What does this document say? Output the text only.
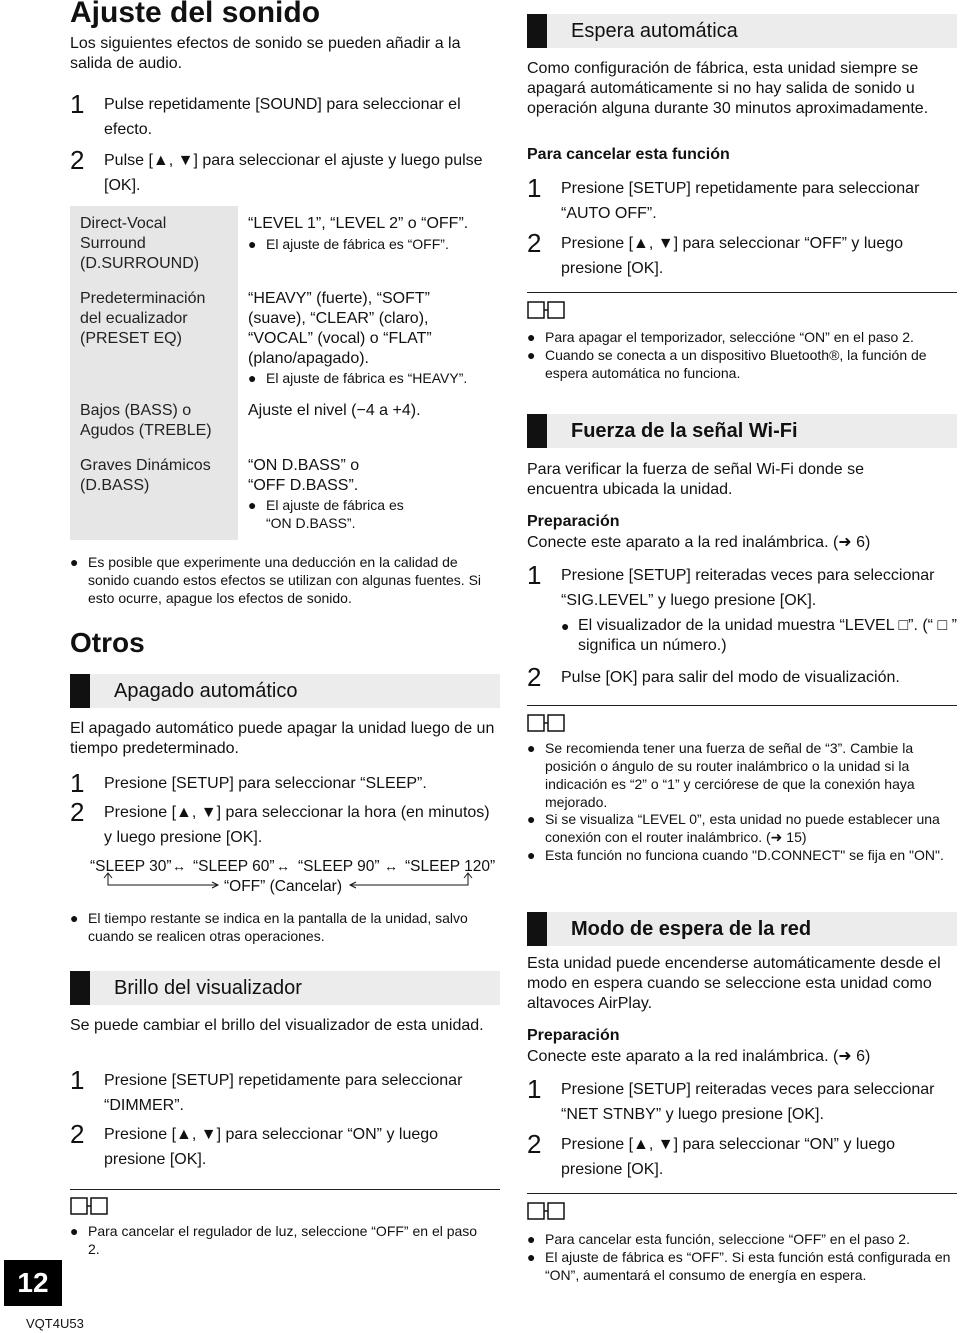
Ajuste del sonido
Los siguientes efectos de sonido se pueden añadir a la salida de audio.
1 Pulse repetidamente [SOUND] para seleccionar el efecto.
2 Pulse [▲, ▼] para seleccionar el ajuste y luego pulse [OK].
Direct-Vocal Surround (D.SURROUND)
“LEVEL 1”, “LEVEL 2” o “OFF”.
● El ajuste de fábrica es “OFF”.
Predeterminación del ecualizador (PRESET EQ)
“HEAVY” (fuerte), “SOFT” (suave), “CLEAR” (claro), “VOCAL” (vocal) o “FLAT” (plano/apagado).
● El ajuste de fábrica es “HEAVY”.
Bajos (BASS) o Agudos (TREBLE)
Ajuste el nivel (−4 a +4).
Graves Dinámicos (D.BASS)
“ON D.BASS” o “OFF D.BASS”.
● El ajuste de fábrica es “ON D.BASS”.
● Es posible que experimente una deducción en la calidad de sonido cuando estos efectos se utilizan con algunas fuentes. Si esto ocurre, apague los efectos de sonido.
Otros
Apagado automático
El apagado automático puede apagar la unidad luego de un tiempo predeterminado.
1 Presione [SETUP] para seleccionar “SLEEP”.
2 Presione [▲, ▼] para seleccionar la hora (en minutos) y luego presione [OK].
“SLEEP 30” ↔ “SLEEP 60” ↔ “SLEEP 90” ↔ “SLEEP 120”
“OFF” (Cancelar)
● El tiempo restante se indica en la pantalla de la unidad, salvo cuando se realicen otras operaciones.
Brillo del visualizador
Se puede cambiar el brillo del visualizador de esta unidad.
1 Presione [SETUP] repetidamente para seleccionar “DIMMER”.
2 Presione [▲, ▼] para seleccionar “ON” y luego presione [OK].
● Para cancelar el regulador de luz, seleccione “OFF” en el paso 2.
12
VQT4U53
Espera automática
Como configuración de fábrica, esta unidad siempre se apagará automáticamente si no hay salida de sonido u operación alguna durante 30 minutos aproximadamente.
Para cancelar esta función
1 Presione [SETUP] repetidamente para seleccionar “AUTO OFF”.
2 Presione [▲, ▼] para seleccionar “OFF” y luego presione [OK].
● Para apagar el temporizador, seleccióne “ON” en el paso 2.
● Cuando se conecta a un dispositivo Bluetooth®, la función de espera automática no funciona.
Fuerza de la señal Wi-Fi
Para verificar la fuerza de señal Wi-Fi donde se encuentra ubicada la unidad.
Preparación
Conecte este aparato a la red inalámbrica. (➜ 6)
1 Presione [SETUP] reiteradas veces para seleccionar “SIG.LEVEL” y luego presione [OK].
● El visualizador de la unidad muestra “LEVEL □”. (“ □ ” significa un número.)
2 Pulse [OK] para salir del modo de visualización.
● Se recomienda tener una fuerza de señal de “3”. Cambie la posición o ángulo de su router inalámbrico o la unidad si la indicación es “2” o “1” y cerciórese de que la conexión haya mejorado.
● Si se visualiza “LEVEL 0”, esta unidad no puede establecer una conexión con el router inalámbrico. (➜ 15)
● Esta función no funciona cuando "D.CONNECT" se fija en "ON".
Modo de espera de la red
Esta unidad puede encenderse automáticamente desde el modo en espera cuando se seleccione esta unidad como altavoces AirPlay.
Preparación
Conecte este aparato a la red inalámbrica. (➜ 6)
1 Presione [SETUP] reiteradas veces para seleccionar “NET STNBY” y luego presione [OK].
2 Presione [▲, ▼] para seleccionar “ON” y luego presione [OK].
● Para cancelar esta función, seleccione “OFF” en el paso 2.
● El ajuste de fábrica es “OFF”. Si esta función está configurada en “ON”, aumentará el consumo de energía en espera.
